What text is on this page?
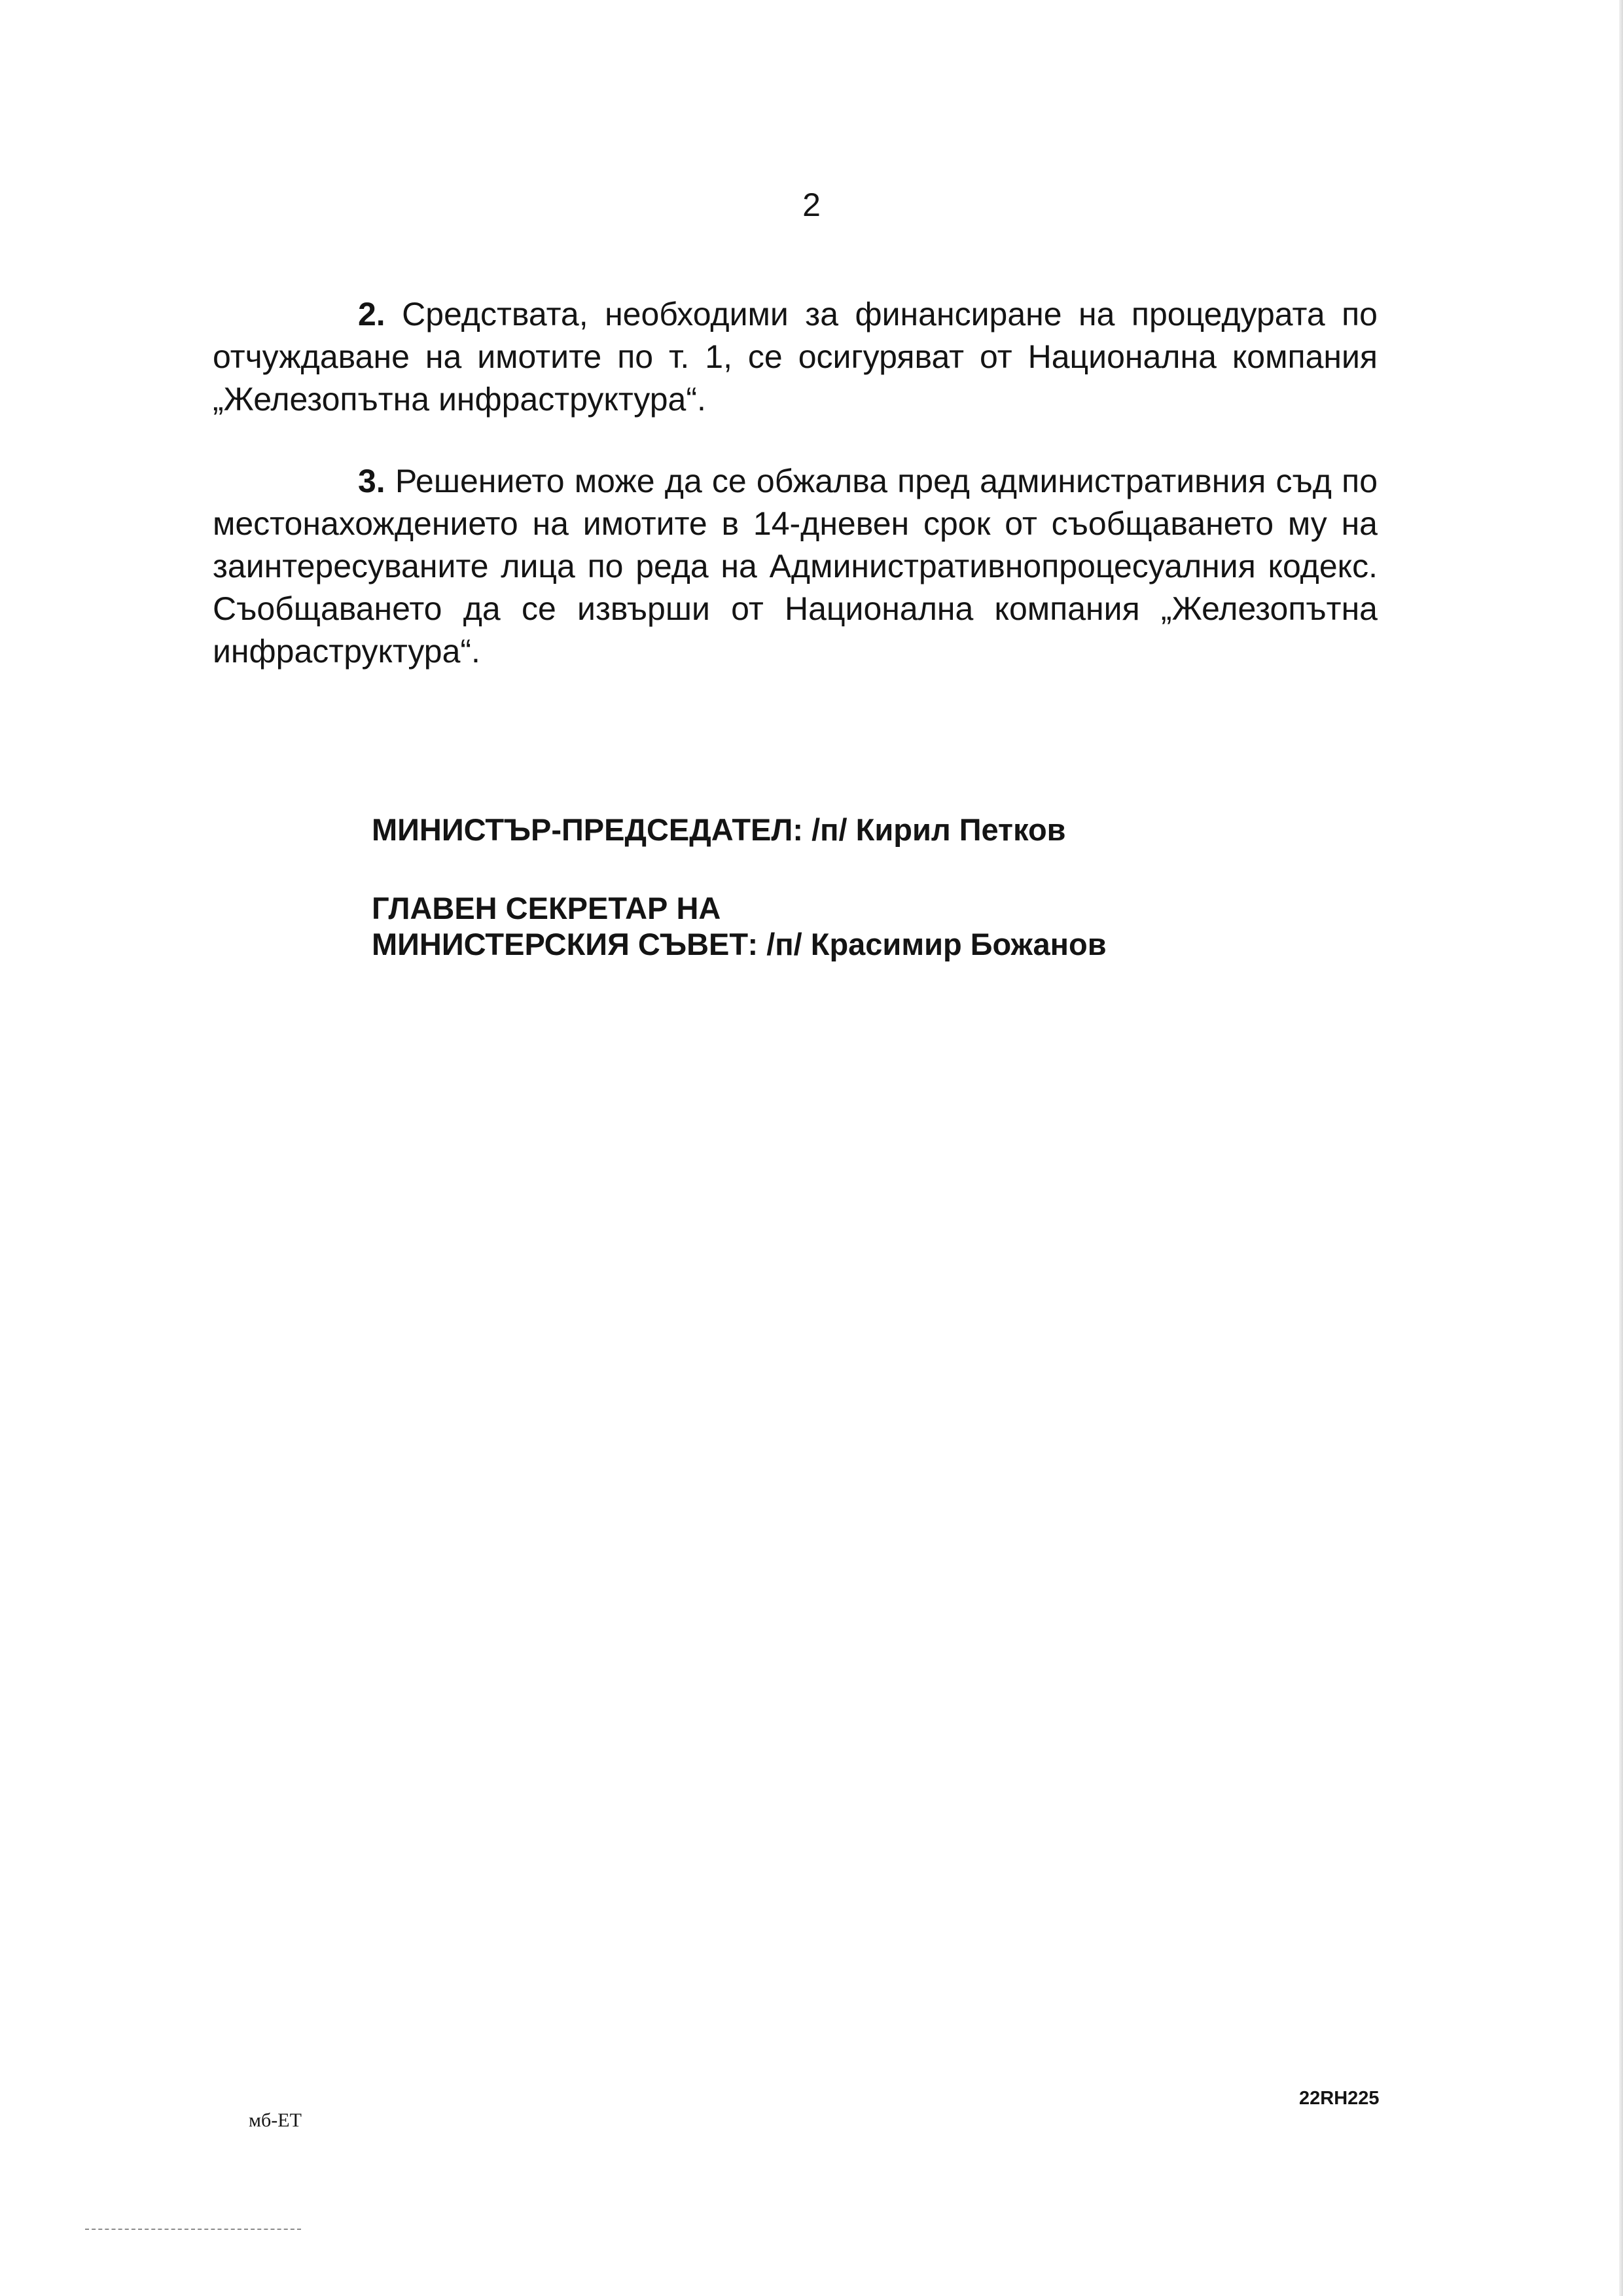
2

2. Средствата, необходими за финансиране на процедурата по отчуждаване на имотите по т. 1, се осигуряват от Национална компания „Железопътна инфраструктура“.

3. Решението може да се обжалва пред административния съд по местонахождението на имотите в 14-дневен срок от съобщаването му на заинтересуваните лица по реда на Административнопроцесуалния кодекс. Съобщаването да се извърши от Национална компания „Железопътна инфраструктура“.

МИНИСТЪР-ПРЕДСЕДАТЕЛ: /п/ Кирил Петков

ГЛАВЕН СЕКРЕТАР НА

МИНИСТЕРСКИЯ СЪВЕТ: /п/ Красимир Божанов

мб-ЕТ
22RH225
